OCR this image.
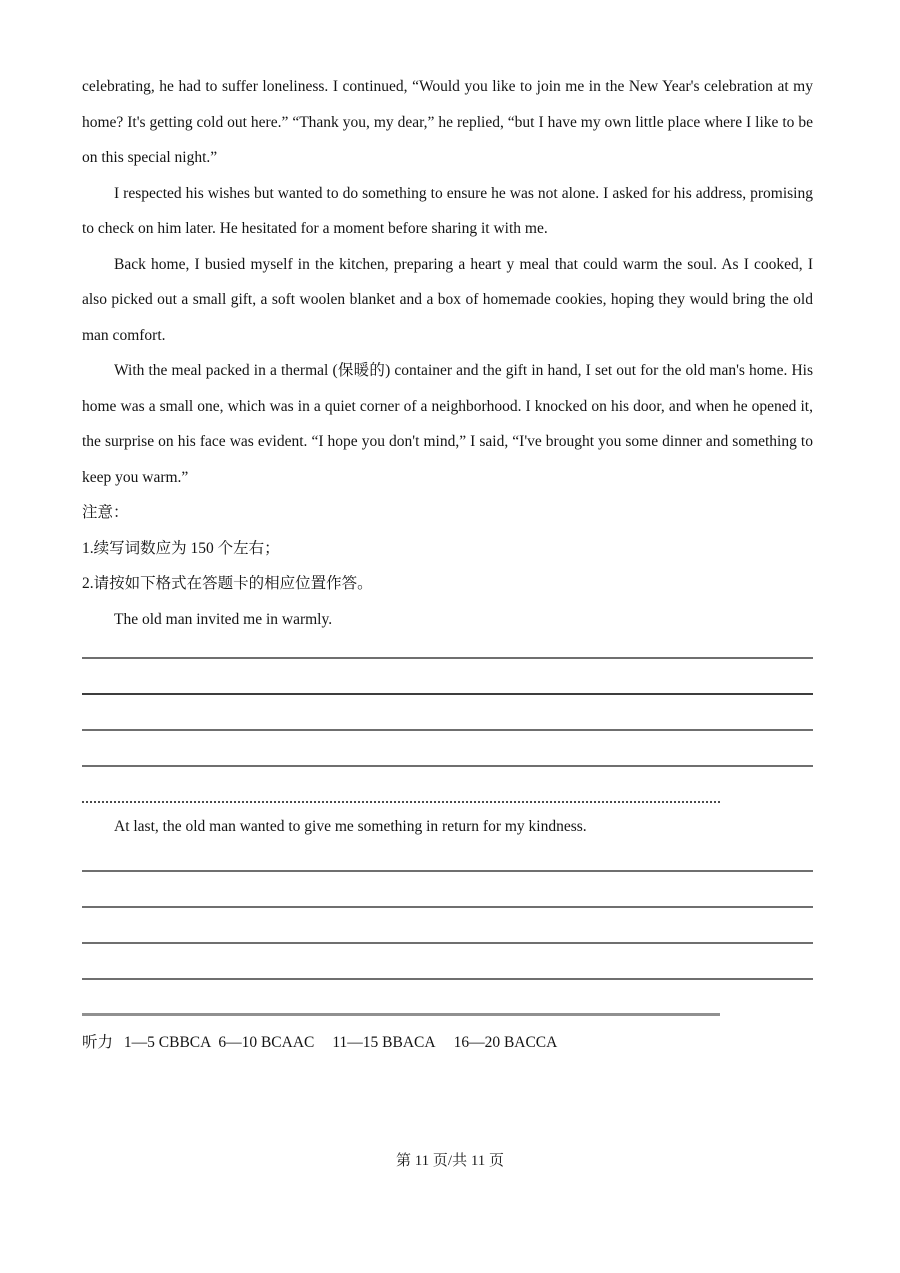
celebrating, he had to suffer loneliness. I continued, “Would you like to join me in the New Year's celebration at my home? It's getting cold out here.” “Thank you, my dear,” he replied, “but I have my own little place where I like to be on this special night.”

I respected his wishes but wanted to do something to ensure he was not alone. I asked for his address, promising to check on him later. He hesitated for a moment before sharing it with me.

Back home, I busied myself in the kitchen, preparing a heart y meal that could warm the soul. As I cooked, I also picked out a small gift, a soft woolen blanket and a box of homemade cookies, hoping they would bring the old man comfort.

With the meal packed in a thermal (保暖的) container and the gift in hand, I set out for the old man's home. His home was a small one, which was in a quiet corner of a neighborhood. I knocked on his door, and when he opened it, the surprise on his face was evident. “I hope you don't mind,” I said, “I've brought you some dinner and something to keep you warm.”

注意：

1.续写词数应为 150 个左右；

2.请按如下格式在答题卡的相应位置作答。

The old man invited me in warmly.

At last, the old man wanted to give me something in return for my kindness.

听力 1—5 CBBCA 6—10 BCAAC 11—15 BBACA 16—20 BACCA

第 11 页/共 11 页
